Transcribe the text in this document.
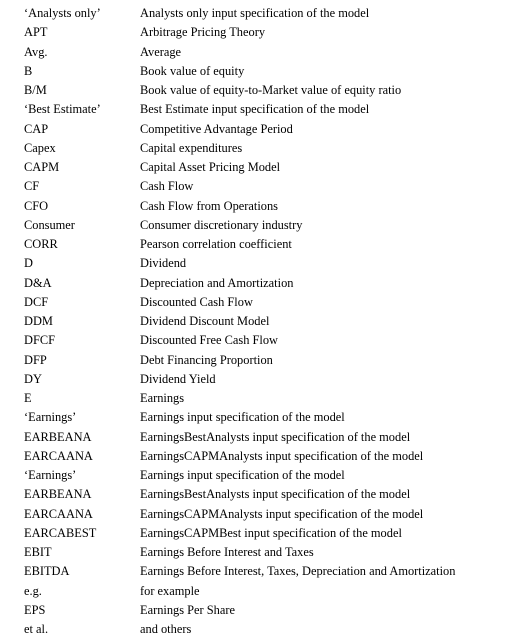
‘Analysts only’	Analysts only input specification of the model
APT	Arbitrage Pricing Theory
Avg.	Average
B	Book value of equity
B/M	Book value of equity-to-Market value of equity ratio
‘Best Estimate’	Best Estimate input specification of the model
CAP	Competitive Advantage Period
Capex	Capital expenditures
CAPM	Capital Asset Pricing Model
CF	Cash Flow
CFO	Cash Flow from Operations
Consumer	Consumer discretionary industry
CORR	Pearson correlation coefficient
D	Dividend
D&A	Depreciation and Amortization
DCF	Discounted Cash Flow
DDM	Dividend Discount Model
DFCF	Discounted Free Cash Flow
DFP	Debt Financing Proportion
DY	Dividend Yield
E	Earnings
‘Earnings’	Earnings input specification of the model
EARBEANA	EarningsBestAnalysts input specification of the model
EARCAANA	EarningsCAPMAnalysts input specification of the model
‘Earnings’	Earnings input specification of the model
EARBEANA	EarningsBestAnalysts input specification of the model
EARCAANA	EarningsCAPMAnalysts input specification of the model
EARCABEST	EarningsCAPMBest input specification of the model
EBIT	Earnings Before Interest and Taxes
EBITDA	Earnings Before Interest, Taxes, Depreciation and Amortization
e.g.	for example
EPS	Earnings Per Share
et al.	and others
